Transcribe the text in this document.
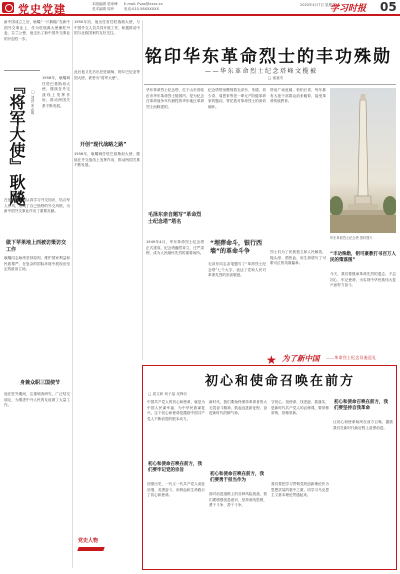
党史党建	本版编辑 梁家峰
美术编辑 周伶
E-mail: Pvpo@xxxx.cn
电话:010-58XXXXXX
2020年4月7日 星期二
学习时报 05
新中国成立之后，耿飚“一只脚踏”在新中国外交事业上，作为驻瑞典大使兼驻丹麦、芬兰公使，他走出了新中国外交事业的开创性一步。
1950年初，他出任首任驻瑞典大使，与中国外交人员共同开展工作，积极推动中国与北欧国家的友好交往。
『将军大使』耿飚 □ 刘劲 宋志明
在任期间，他认真学习外交知识，结合军人作风，形成了自己独特的外交风格，为新中国外交事业作出了重要贡献。
做下苹果地上西被访策访交工作
耿飚同志始终坚持原则，维护国家利益和民族尊严，在复杂的国际环境中展现出坚定的政治立场。
身兼众职三国使节
他在驻外期间，注重调查研究，广泛结交朋友，为增进中外人民的友谊做了大量工作。
1956年，耿飚调任驻巴基斯坦大使，继续在外交战线上发挥作用，推动两国关系不断发展。
开创“现代战略之路”
此后他又先后出任驻缅甸、阿尔巴尼亚等国大使，被誉为“将军大使”。
1956年，耿飚调任驻巴基斯坦大使，继续在外交战线上发挥作用，推动两国关系不断发展。
党史人物
铭印华东革命烈士的丰功殊勋
——华东革命烈士纪念塔峰文揽被
□ 童嘉安
华东革命烈士纪念塔，位于山东省临沂市华东革命烈士陵园内，是为纪念在革命战争年代牺牲的华东地区革命烈士而修建的。
毛泽东亲自题写“革命烈士纪念塔”塔名
1949年4月，华东革命烈士纪念塔正式建成，纪念塔巍然耸立，庄严肃穆，成为人民缅怀先烈的重要场所。
纪念塔塔身镌刻着毛泽东、朱德、刘少奇、周恩来等老一辈无产阶级革命家的题词，寄托着对革命烈士的深切缅怀。
“埋葬命斗，银行西墙”的革命斗争
毛泽东同志亲笔题写了“革命烈士纪念塔”七个大字，表达了党和人民对革命先烈的崇高敬意。
塔前广场宽阔，松柏长青，每年都有大批干部群众前来瞻仰，接受革命传统教育。
烈士们为了民族独立和人民解放，抛头颅、洒热血，用生命谱写了可歌可泣的英雄篇章。
华东革命烈士纪念塔 资料图片
“丰功殊勋，钥可豪教打书百万人民的策落图”
今天，我们要继承革命先烈的遗志，不忘初心、牢记使命，为实现中华民族伟大复兴而努力奋斗。
★ 为了新中国 ——革命烈士纪念设施巡礼
初心和使命召唤在前方
□ 周文彰 何子晶 吴锋长
中国共产党人的初心和使命，就是为中国人民谋幸福，为中华民族谋复兴。这个初心和使命是激励中国共产党人不断前进的根本动力。
初心和使命召唤在前方，我们要牢记党的宗旨
回望历史，一代又一代共产党人前赴后继、英勇奋斗，用鲜血和生命践行了初心和使命。
新时代，我们要始终保持革命者的大无畏奋斗精神，鼓起迈进新征程、奋进新时代的精气神。
初心和使命召唤在前方，我们要勇于担当作为
面对前进道路上的各种风险挑战，我们要增强忧患意识，坚持底线思维，勇于斗争、善于斗争。
守初心、担使命，找差距、抓落实，是新时代共产党人的必修课，要常修常炼、常修常新。
我们要把学习贯彻党的创新理论作为思想武装的重中之重，同学习马克思主义基本理论贯通起来。
初心和使命召唤在前方，我们要坚持自我革命
让初心和使命始终在前方召唤，激励我们在新时代新征程上奋勇前进。
